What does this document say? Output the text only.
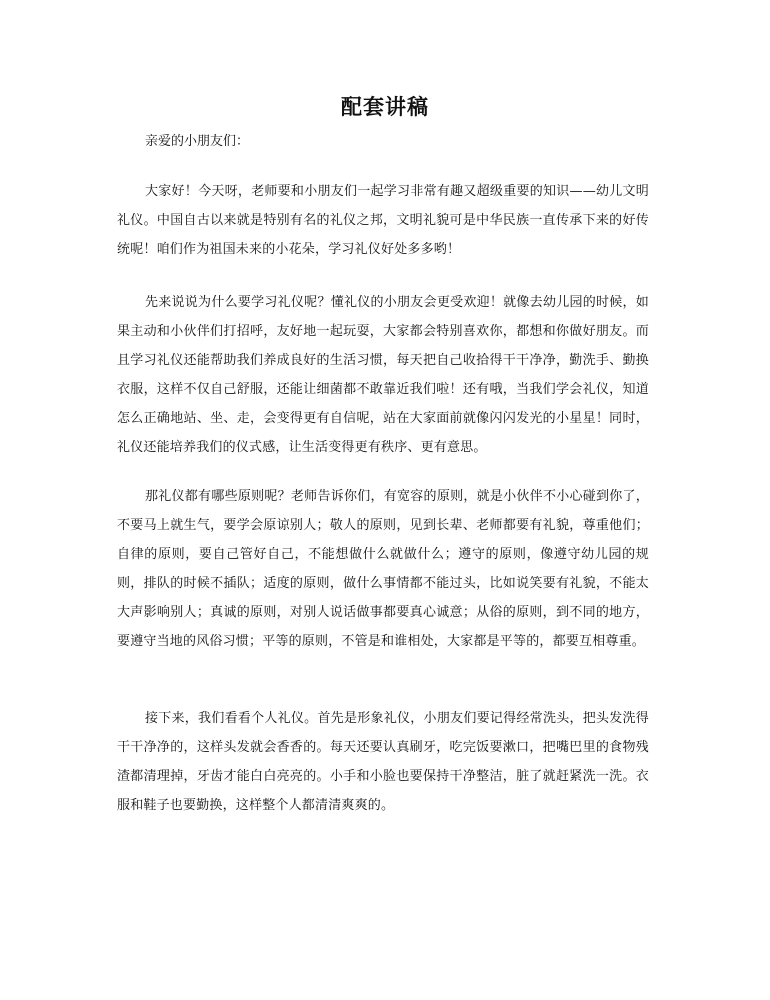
配套讲稿

亲爱的小朋友们：

大家好！今天呀，老师要和小朋友们一起学习非常有趣又超级重要的知识——幼儿文明礼仪。中国自古以来就是特别有名的礼仪之邦，文明礼貌可是中华民族一直传承下来的好传统呢！咱们作为祖国未来的小花朵，学习礼仪好处多多哟！

先来说说为什么要学习礼仪呢？懂礼仪的小朋友会更受欢迎！就像去幼儿园的时候，如果主动和小伙伴们打招呼，友好地一起玩耍，大家都会特别喜欢你，都想和你做好朋友。而且学习礼仪还能帮助我们养成良好的生活习惯，每天把自己收拾得干干净净，勤洗手、勤换衣服，这样不仅自己舒服，还能让细菌都不敢靠近我们啦！还有哦，当我们学会礼仪，知道怎么正确地站、坐、走，会变得更有自信呢，站在大家面前就像闪闪发光的小星星！同时，礼仪还能培养我们的仪式感，让生活变得更有秩序、更有意思。

那礼仪都有哪些原则呢？老师告诉你们，有宽容的原则，就是小伙伴不小心碰到你了，不要马上就生气，要学会原谅别人；敬人的原则，见到长辈、老师都要有礼貌，尊重他们；自律的原则，要自己管好自己，不能想做什么就做什么；遵守的原则，像遵守幼儿园的规则，排队的时候不插队；适度的原则，做什么事情都不能过头，比如说笑要有礼貌，不能太大声影响别人；真诚的原则，对别人说话做事都要真心诚意；从俗的原则，到不同的地方，要遵守当地的风俗习惯；平等的原则，不管是和谁相处，大家都是平等的，都要互相尊重。

接下来，我们看看个人礼仪。首先是形象礼仪，小朋友们要记得经常洗头，把头发洗得干干净净的，这样头发就会香香的。每天还要认真刷牙，吃完饭要漱口，把嘴巴里的食物残渣都清理掉，牙齿才能白白亮亮的。小手和小脸也要保持干净整洁，脏了就赶紧洗一洗。衣服和鞋子也要勤换，这样整个人都清清爽爽的。
